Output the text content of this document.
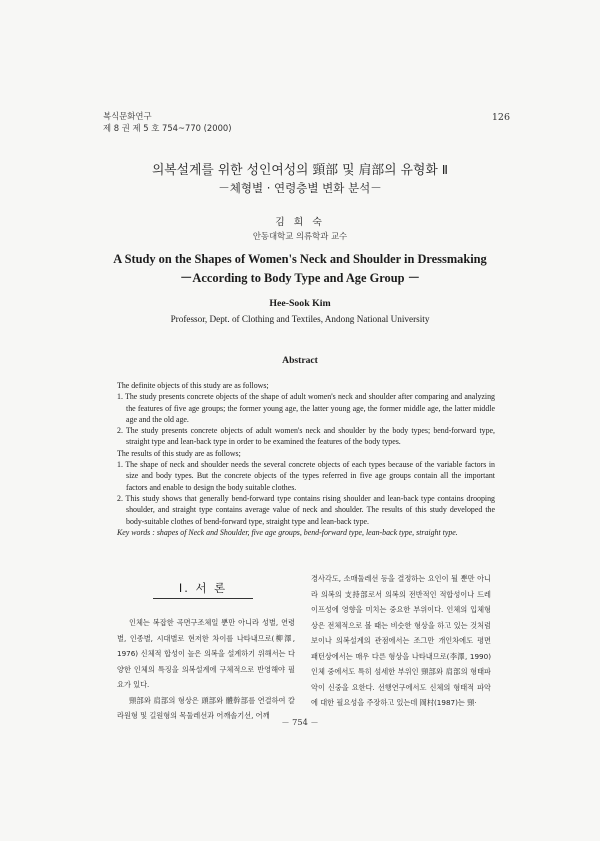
복식문화연구
제 8 권 제 5 호 754~770 (2000)
126
의복설계를 위한 성인여성의 頸部 및 肩部의 유형화 Ⅱ
－체형별 · 연령층별 변화 분석－
김 희 숙
안동대학교 의류학과 교수
A Study on the Shapes of Women's Neck and Shoulder in Dressmaking
－According to Body Type and Age Group －
Hee-Sook Kim
Professor, Dept. of Clothing and Textiles, Andong National University
Abstract

The definite objects of this study are as follows;

1. The study presents concrete objects of the shape of adult women's neck and shoulder after comparing and analyzing the features of five age groups; the former young age, the latter young age, the former middle age, the latter middle age and the old age.

2. The study presents concrete objects of adult women's neck and shoulder by the body types; bend-forward type, straight type and lean-back type in order to be examined the features of the body types.

The results of this study are as follows;

1. The shape of neck and shoulder needs the several concrete objects of each types because of the variable factors in size and body types. But the concrete objects of the types referred in five age groups contain all the important factors and enable to design the body suitable clothes.

2. This study shows that generally bend-forward type contains rising shoulder and lean-back type contains drooping shoulder, and straight type contains average value of neck and shoulder. The results of this study developed the body-suitable clothes of bend-forward type, straight type and lean-back type.

Key words : shapes of Neck and Shoulder, five age groups, bend-forward type, lean-back type, straight type.

Ⅰ. 서 론

인체는 복잡한 곡면구조체일 뿐만 아니라 성별, 연령별, 인종별, 시대별로 현저한 차이를 나타내므로(柳澤, 1976) 신체적 합성이 높은 의복을 설계하기 위해서는 다양한 인체의 특징을 의복설계에 구체적으로 반영해야 필요가 있다.

頸部와 肩部의 형상은 頭部와 體幹部를 연결하여 칼라원형 및 길원형의 목둘레선과 어깨솔기선, 어깨

경사각도, 소매둘레선 등을 결정하는 요인이 될 뿐만 아니라 의복의 支持部로서 의복의 전반적인 적합성이나 드레이프성에 영향을 미치는 중요한 부위이다. 인체의 입체형상은 전체적으로 볼 때는 비슷한 형상을 하고 있는 것처럼 보이나 의복설계의 관점에서는 조그만 개인차에도 평면 패턴상에서는 매우 다른 형상을 나타내므로(李澤, 1990) 인체 중에서도 특히 섬세한 부위인 頸部와 肩部의 형태파악이 신중을 요한다. 선행연구에서도 신체의 형태적 파악에 대한 필요성을 주장하고 있는데 岡村(1987)는 頸·

－ 754 －
